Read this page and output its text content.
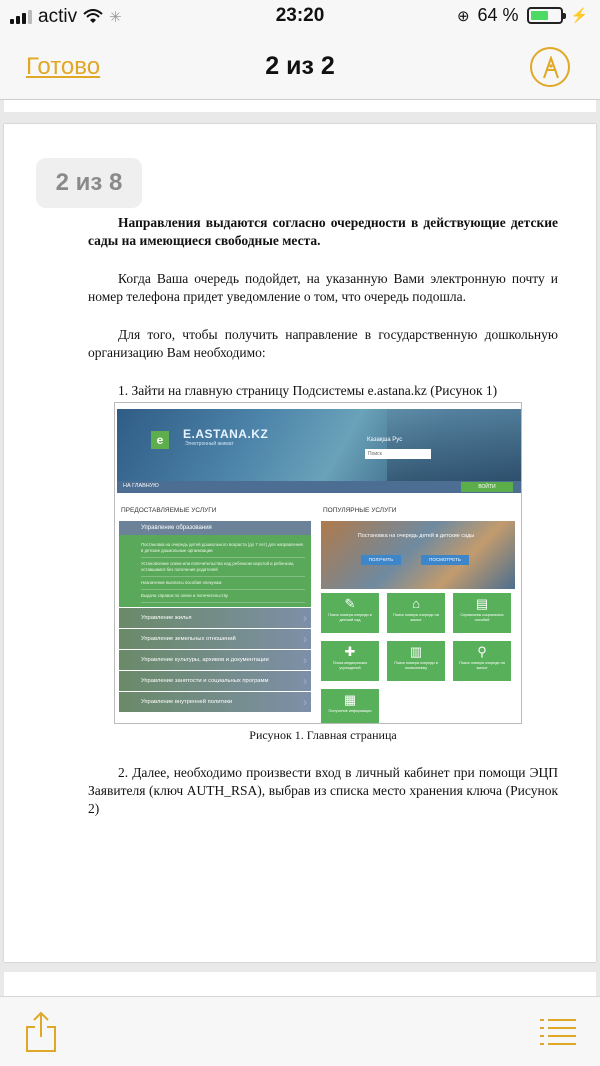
activ ✳	23:20	⊕ 64 %	⚡
Готово	2 из 2
2 из 8

Направления выдаются согласно очередности в действующие детские сады на имеющиеся свободные места.

Когда Ваша очередь подойдет, на указанную Вами электронную почту и номер телефона придет уведомление о том, что очередь подошла.

Для того, чтобы получить направление в государственную дошкольную организацию Вам необходимо:

1. Зайти на главную страницу Подсистемы e.astana.kz (Рисунок 1)

e	E.ASTANA.KZ
Электронный акимат
Казақша Рус
Поиск
НА ГЛАВНУЮ	ВОЙТИ
ПРЕДОСТАВЛЯЕМЫЕ УСЛУГИ	ПОПУЛЯРНЫЕ УСЛУГИ
Управление образования
Постановка на очередь детей дошкольного возраста (до 7 лет) для направления в детские дошкольные организации
Установление опеки или попечительства над ребенком-сиротой и ребенком, оставшимся без попечения родителей
Назначение выплаты пособия опекунам
Выдача справок по опеке и попечительству
Управление жилья ›
Управление земельных отношений ›
Управление культуры, архивов и документации ›
Управление занятости и социальных программ ›
Управление внутренней политики ›
Постановка на очередь детей в детские сады
ПОЛУЧИТЬ	ПОСМОТРЕТЬ
✎
Поиск номера очереди в детский сад
⌂
Поиск номера очереди на жилье
▤
Справочник социальных пособий
✚
Поиск медицинских учреждений
▥
Поиск номера очереди в поликлинику
⚲
Поиск номера очереди на жилье
▦
Получение информации
Рисунок 1. Главная страница

2. Далее, необходимо произвести вход в личный кабинет при помощи ЭЦП Заявителя (ключ AUTH_RSA), выбрав из списка место хранения ключа (Рисунок 2)
